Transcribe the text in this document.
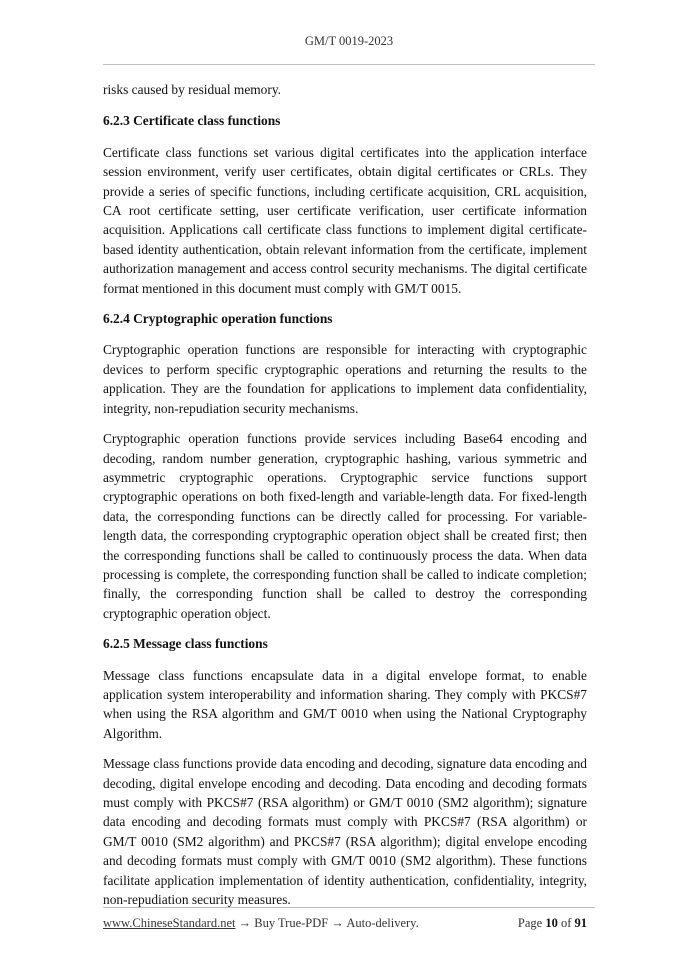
GM/T 0019-2023

risks caused by residual memory.

6.2.3 Certificate class functions

Certificate class functions set various digital certificates into the application interface session environment, verify user certificates, obtain digital certificates or CRLs. They provide a series of specific functions, including certificate acquisition, CRL acquisition, CA root certificate setting, user certificate verification, user certificate information acquisition. Applications call certificate class functions to implement digital certificate-based identity authentication, obtain relevant information from the certificate, implement authorization management and access control security mechanisms. The digital certificate format mentioned in this document must comply with GM/T 0015.

6.2.4 Cryptographic operation functions

Cryptographic operation functions are responsible for interacting with cryptographic devices to perform specific cryptographic operations and returning the results to the application. They are the foundation for applications to implement data confidentiality, integrity, non-repudiation security mechanisms.

Cryptographic operation functions provide services including Base64 encoding and decoding, random number generation, cryptographic hashing, various symmetric and asymmetric cryptographic operations. Cryptographic service functions support cryptographic operations on both fixed-length and variable-length data. For fixed-length data, the corresponding functions can be directly called for processing. For variable-length data, the corresponding cryptographic operation object shall be created first; then the corresponding functions shall be called to continuously process the data. When data processing is complete, the corresponding function shall be called to indicate completion; finally, the corresponding function shall be called to destroy the corresponding cryptographic operation object.

6.2.5 Message class functions

Message class functions encapsulate data in a digital envelope format, to enable application system interoperability and information sharing. They comply with PKCS#7 when using the RSA algorithm and GM/T 0010 when using the National Cryptography Algorithm.

Message class functions provide data encoding and decoding, signature data encoding and decoding, digital envelope encoding and decoding. Data encoding and decoding formats must comply with PKCS#7 (RSA algorithm) or GM/T 0010 (SM2 algorithm); signature data encoding and decoding formats must comply with PKCS#7 (RSA algorithm) or GM/T 0010 (SM2 algorithm) and PKCS#7 (RSA algorithm); digital envelope encoding and decoding formats must comply with GM/T 0010 (SM2 algorithm). These functions facilitate application implementation of identity authentication, confidentiality, integrity, non-repudiation security measures.

www.ChineseStandard.net → Buy True-PDF → Auto-delivery.	Page 10 of 91
